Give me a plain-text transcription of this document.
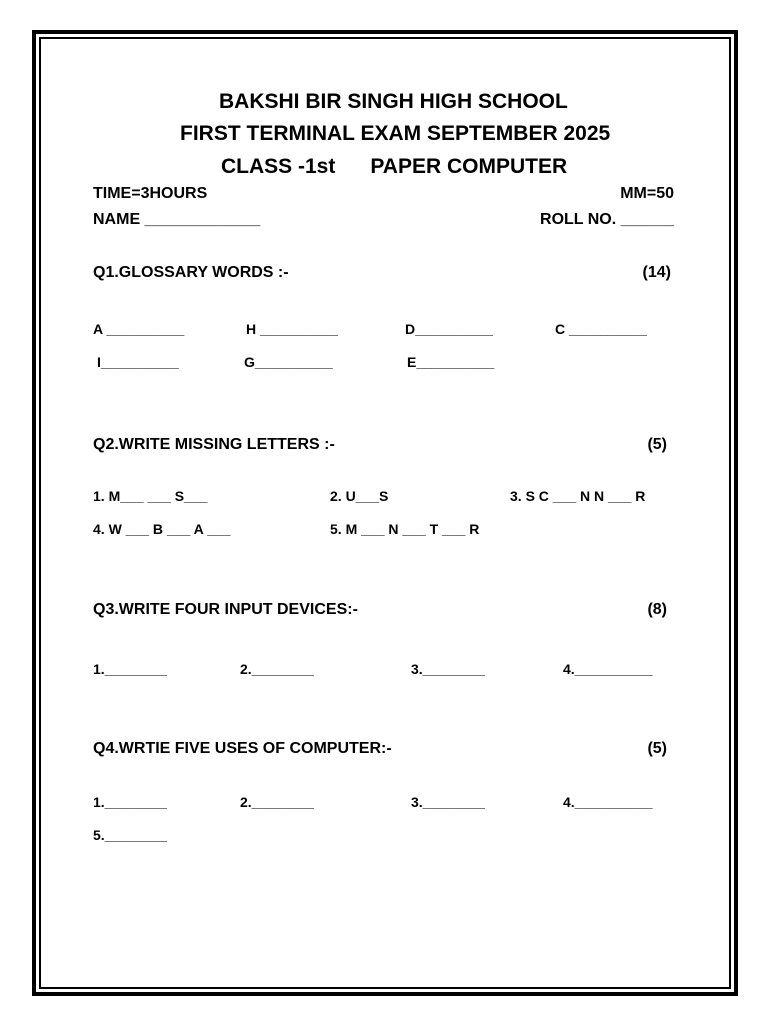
BAKSHI BIR SINGH HIGH SCHOOL
FIRST TERMINAL EXAM SEPTEMBER 2025
CLASS -1st      PAPER COMPUTER
TIME=3HOURS	MM=50
NAME _____________	ROLL NO. ______
Q1.GLOSSARY WORDS :-	(14)
A __________	H __________	D__________	C __________
I__________	G__________	E__________
Q2.WRITE MISSING LETTERS :-	(5)
1. M___ ___ S___	2. U___S	3. S C ___ N N ___ R
4. W ___ B ___ A ___	5. M ___ N ___ T ___ R
Q3.WRITE FOUR INPUT DEVICES:-	(8)
1.________	2.________	3.________	4.__________
Q4.WRTIE FIVE USES OF COMPUTER:-	(5)
1.________	2.________	3.________	4.__________
5.________
